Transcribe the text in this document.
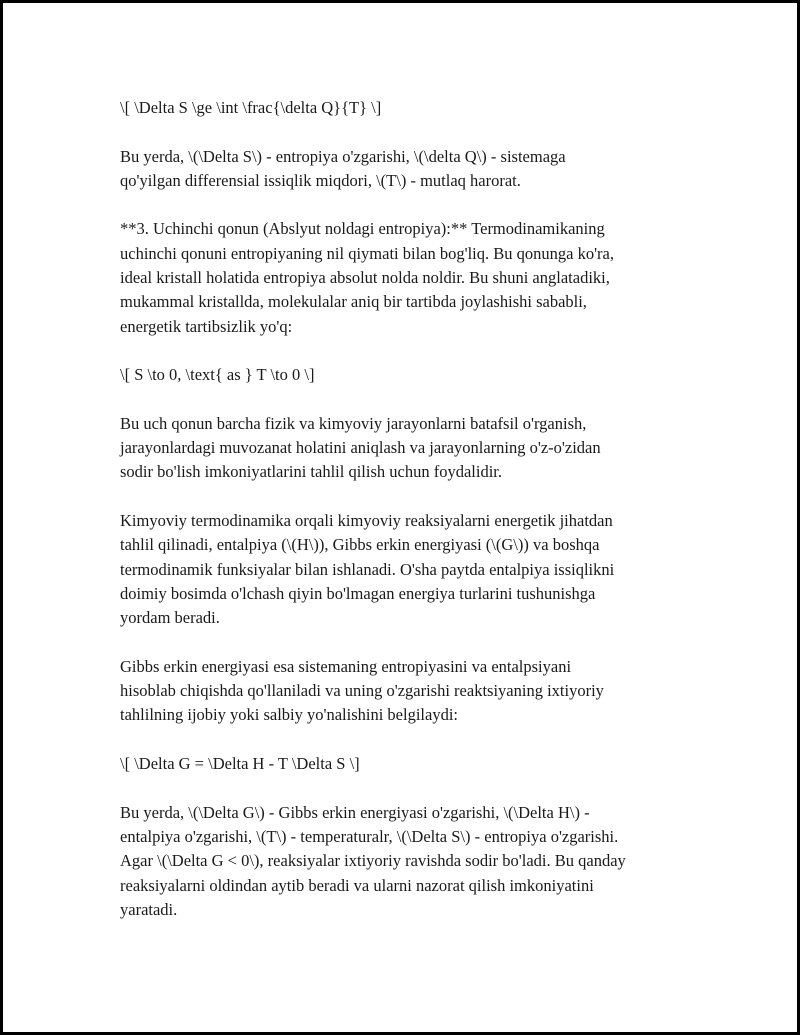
\[ \Delta S \ge \int \frac{\delta Q}{T} \]
Bu yerda, \(\Delta S\) - entropiya o'zgarishi, \(\delta Q\) - sistemaga
qo'yilgan differensial issiqlik miqdori, \(T\) - mutlaq harorat.
**3. Uchinchi qonun (Abslyut noldagi entropiya):** Termodinamikaning
uchinchi qonuni entropiyaning nil qiymati bilan bog'liq. Bu qonunga ko'ra,
ideal kristall holatida entropiya absolut nolda noldir. Bu shuni anglatadiki,
mukammal kristallda, molekulalar aniq bir tartibda joylashishi sababli,
energetik tartibsizlik yo'q:
\[ S \to 0, \text{ as } T \to 0 \]
Bu uch qonun barcha fizik va kimyoviy jarayonlarni batafsil o'rganish,
jarayonlardagi muvozanat holatini aniqlash va jarayonlarning o'z-o'zidan
sodir bo'lish imkoniyatlarini tahlil qilish uchun foydalidir.
Kimyoviy termodinamika orqali kimyoviy reaksiyalarni energetik jihatdan
tahlil qilinadi, entalpiya (\(H\)), Gibbs erkin energiyasi (\(G\)) va boshqa
termodinamik funksiyalar bilan ishlanadi. O'sha paytda entalpiya issiqlikni
doimiy bosimda o'lchash qiyin bo'lmagan energiya turlarini tushunishga
yordam beradi.
Gibbs erkin energiyasi esa sistemaning entropiyasini va entalpsiyani
hisoblab chiqishda qo'llaniladi va uning o'zgarishi reaktsiyaning ixtiyoriy
tahlilning ijobiy yoki salbiy yo'nalishini belgilaydi:
\[ \Delta G = \Delta H - T \Delta S \]
Bu yerda, \(\Delta G\) - Gibbs erkin energiyasi o'zgarishi, \(\Delta H\) -
entalpiya o'zgarishi, \(T\) - temperaturalr, \(\Delta S\) - entropiya o'zgarishi.
Agar \(\Delta G < 0\), reaksiyalar ixtiyoriy ravishda sodir bo'ladi. Bu qanday
reaksiyalarni oldindan aytib beradi va ularni nazorat qilish imkoniyatini
yaratadi.
